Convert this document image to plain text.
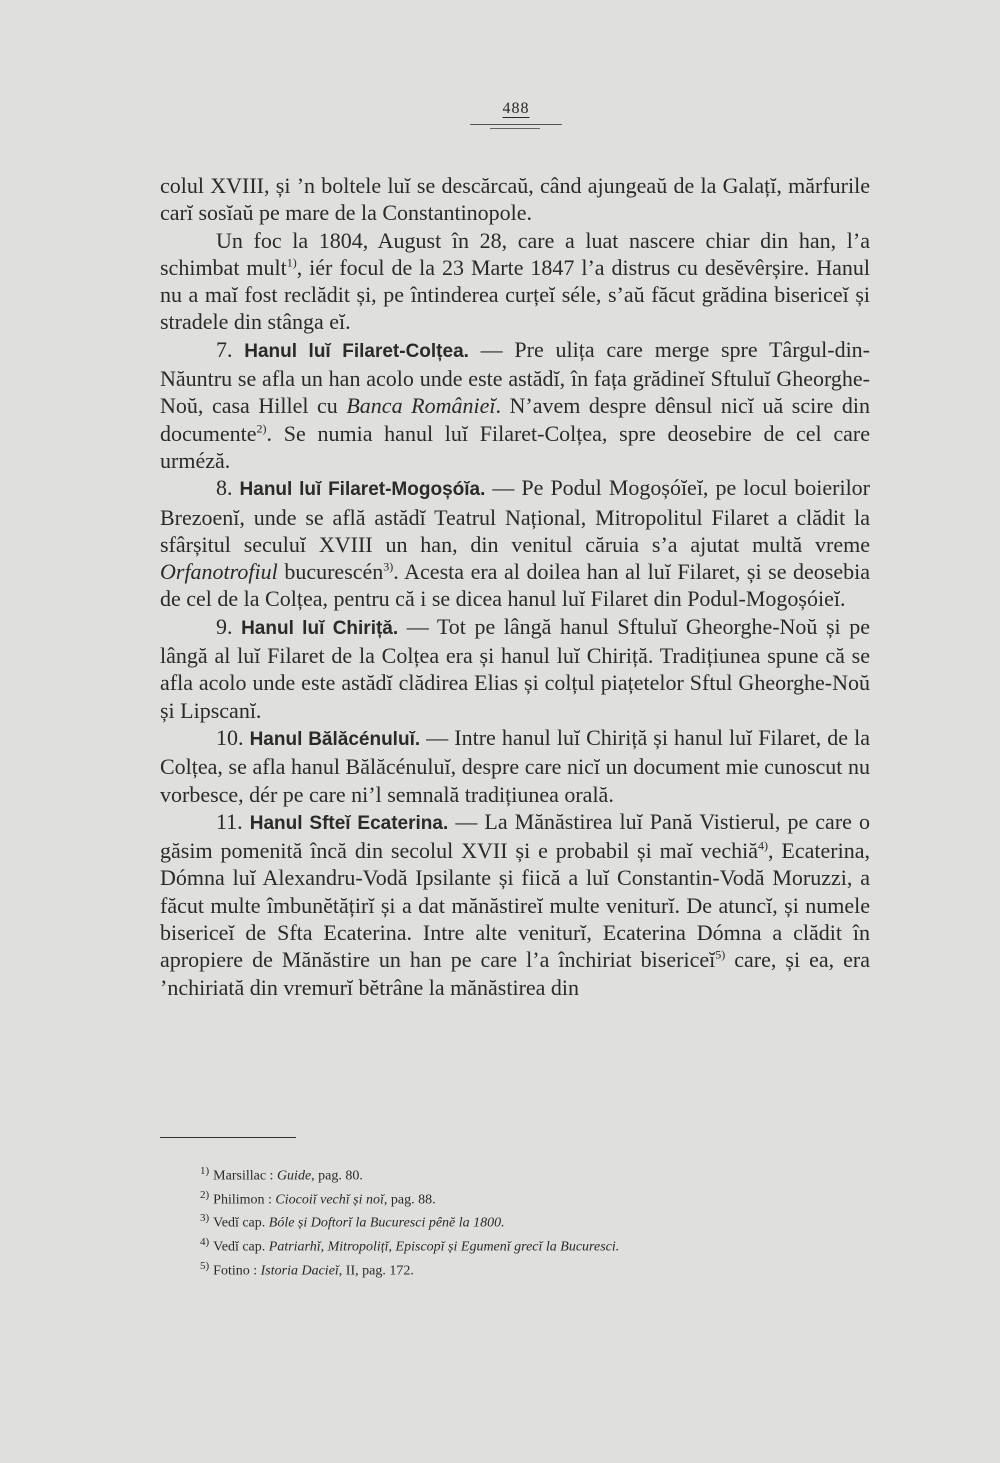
488

colul XVIII, și ’n boltele luĭ se descărcaŭ, când ajungeaŭ de la Galațĭ, mărfurile carĭ sosĭaŭ pe mare de la Constantinopole.

Un foc la 1804, August în 28, care a luat nascere chiar din han, l’a schimbat mult$^{1)}$, iér focul de la 23 Marte 1847 l’a distrus cu desĕvêrșire. Hanul nu a maĭ fost reclădit și, pe întinderea curțeĭ séle, s’aŭ făcut grădina bisericeĭ și stradele din stânga eĭ.

7. Hanul luĭ Filaret-Colțea. — Pre ulița care merge spre Târgul-din-Năuntru se afla un han acolo unde este astădĭ, în fața grădineĭ Sftuluĭ Gheorghe-Noŭ, casa Hillel cu Banca Românieĭ. N’avem despre dênsul nicĭ uă scire din documente$^{2)}$. Se numia hanul luĭ Filaret-Colțea, spre deosebire de cel care urméză.

8. Hanul luĭ Filaret-Mogoșóĭa. — Pe Podul Mogoșóĭeĭ, pe locul boierilor Brezoenĭ, unde se află astădĭ Teatrul Național, Mitropolitul Filaret a clădit la sfârșitul seculuĭ XVIII un han, din venitul căruia s’a ajutat multă vreme Orfanotrofiul bucurescén$^{3)}$. Acesta era al doilea han al luĭ Filaret, și se deosebia de cel de la Colțea, pentru că i se dicea hanul luĭ Filaret din Podul-Mogoșóieĭ.

9. Hanul luĭ Chiriță. — Tot pe lângă hanul Sftuluĭ Gheorghe-Noŭ și pe lângă al luĭ Filaret de la Colțea era și hanul luĭ Chiriță. Tradițiunea spune că se afla acolo unde este astădĭ clădirea Elias și colțul piațetelor Sftul Gheorghe-Noŭ și Lipscanĭ.

10. Hanul Bălăcénuluĭ. — Intre hanul luĭ Chiriță și hanul luĭ Filaret, de la Colțea, se afla hanul Bălăcénuluĭ, despre care nicĭ un document mie cunoscut nu vorbesce, dér pe care ni’l semnală tradițiunea orală.

11. Hanul Sfteĭ Ecaterina. — La Mănăstirea luĭ Pană Vistierul, pe care o găsim pomenită încă din secolul XVII și e probabil și maĭ vechiă$^{4)}$, Ecaterina, Dómna luĭ Alexandru-Vodă Ipsilante și fiică a luĭ Constantin-Vodă Moruzzi, a făcut multe îmbunĕtățirĭ și a dat mănăstireĭ multe veniturĭ. De atuncĭ, și numele bisericeĭ de Sfta Ecaterina. Intre alte veniturĭ, Ecaterina Dómna a clădit în apropiere de Mănăstire un han pe care l’a închiriat bisericeĭ$^{5)}$ care, și ea, era ’nchiriată din vremurĭ bĕtrâne la mănăstirea din

$^{1)}$ Marsillac : Guide, pag. 80.
$^{2)}$ Philimon : Ciocoiĭ vechĭ și noĭ, pag. 88.
$^{3)}$ Vedĭ cap. Bóle și Doftorĭ la Bucuresci pênĕ la 1800.
$^{4)}$ Vedĭ cap. Patriarhĭ, Mitropolițĭ, Episcopĭ și Egumenĭ grecĭ la Bucuresci.
$^{5)}$ Fotino : Istoria Dacieĭ, II, pag. 172.
